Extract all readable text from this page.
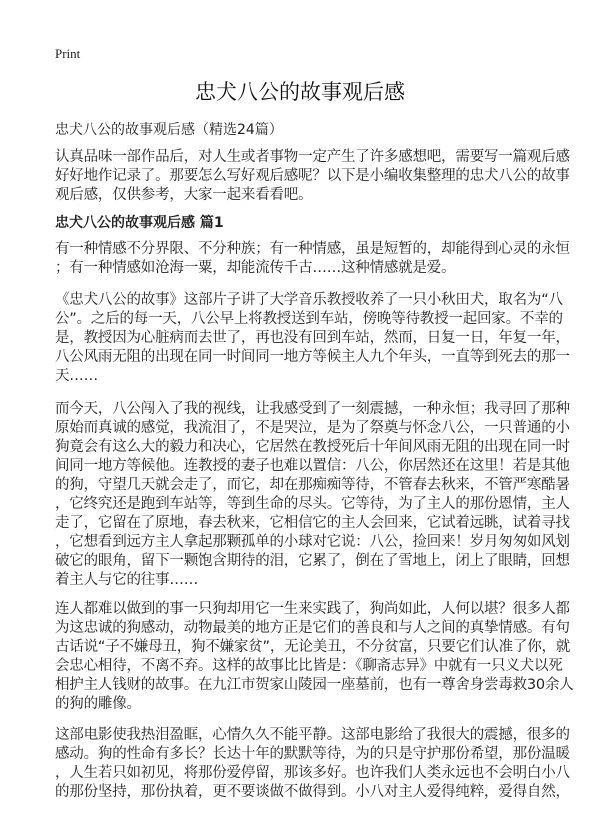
Print
忠犬八公的故事观后感
忠犬八公的故事观后感（精选24篇）
认真品味一部作品后，对人生或者事物一定产生了许多感想吧，需要写一篇观后感
好好地作记录了。那要怎么写好观后感呢？以下是小编收集整理的忠犬八公的故事
观后感，仅供参考，大家一起来看看吧。
忠犬八公的故事观后感 篇1
有一种情感不分界限、不分种族；有一种情感，虽是短暂的，却能得到心灵的永恒
；有一种情感如沧海一粟，却能流传千古……这种情感就是爱。
《忠犬八公的故事》这部片子讲了大学音乐教授收养了一只小秋田犬，取名为“八
公”。之后的每一天，八公早上将教授送到车站，傍晚等待教授一起回家。不幸的
是，教授因为心脏病而去世了，再也没有回到车站，然而，日复一日，年复一年，
八公风雨无阻的出现在同一时间同一地方等候主人九个年头，一直等到死去的那一
天……
而今天，八公闯入了我的视线，让我感受到了一刻震撼，一种永恒；我寻回了那种
原始而真诚的感觉，我流泪了，不是哭泣，是为了祭奠与怀念八公，一只普通的小
狗竟会有这么大的毅力和决心，它居然在教授死后十年间风雨无阻的出现在同一时
间同一地方等候他。连教授的妻子也难以置信：八公，你居然还在这里！若是其他
的狗，守望几天就会走了，而它，却在那痴痴等待，不管春去秋来，不管严寒酷暑
，它终究还是跑到车站等，等到生命的尽头。它等待，为了主人的那份恩情，主人
走了，它留在了原地，春去秋来，它相信它的主人会回来，它试着远眺，试着寻找
，它想看到远方主人拿起那颗孤单的小球对它说：八公，捡回来！岁月匆匆如风划
破它的眼角，留下一颗饱含期待的泪，它累了，倒在了雪地上，闭上了眼睛，回想
着主人与它的往事……
连人都难以做到的事一只狗却用它一生来实践了，狗尚如此，人何以堪？很多人都
为这忠诚的狗感动，动物最美的地方正是它们的善良和与人之间的真挚情感。有句
古话说“子不嫌母丑，狗不嫌家贫”，无论美丑，不分贫富，只要它们认准了你，就
会忠心相待，不离不弃。这样的故事比比皆是：《聊斋志异》中就有一只义犬以死
相护主人钱财的故事。在九江市贺家山陵园一座墓前，也有一尊舍身尝毒救30余人
的狗的雕像。
这部电影使我热泪盈眶，心情久久不能平静。这部电影给了我很大的震撼，很多的
感动。狗的性命有多长？长达十年的默默等待，为的只是守护那份希望，那份温暖
，人生若只如初见，将那份爱停留，那该多好。也许我们人类永远也不会明白小八
的那份坚持，那份执着，更不要谈做不做得到。小八对主人爱得纯粹，爱得自然，
